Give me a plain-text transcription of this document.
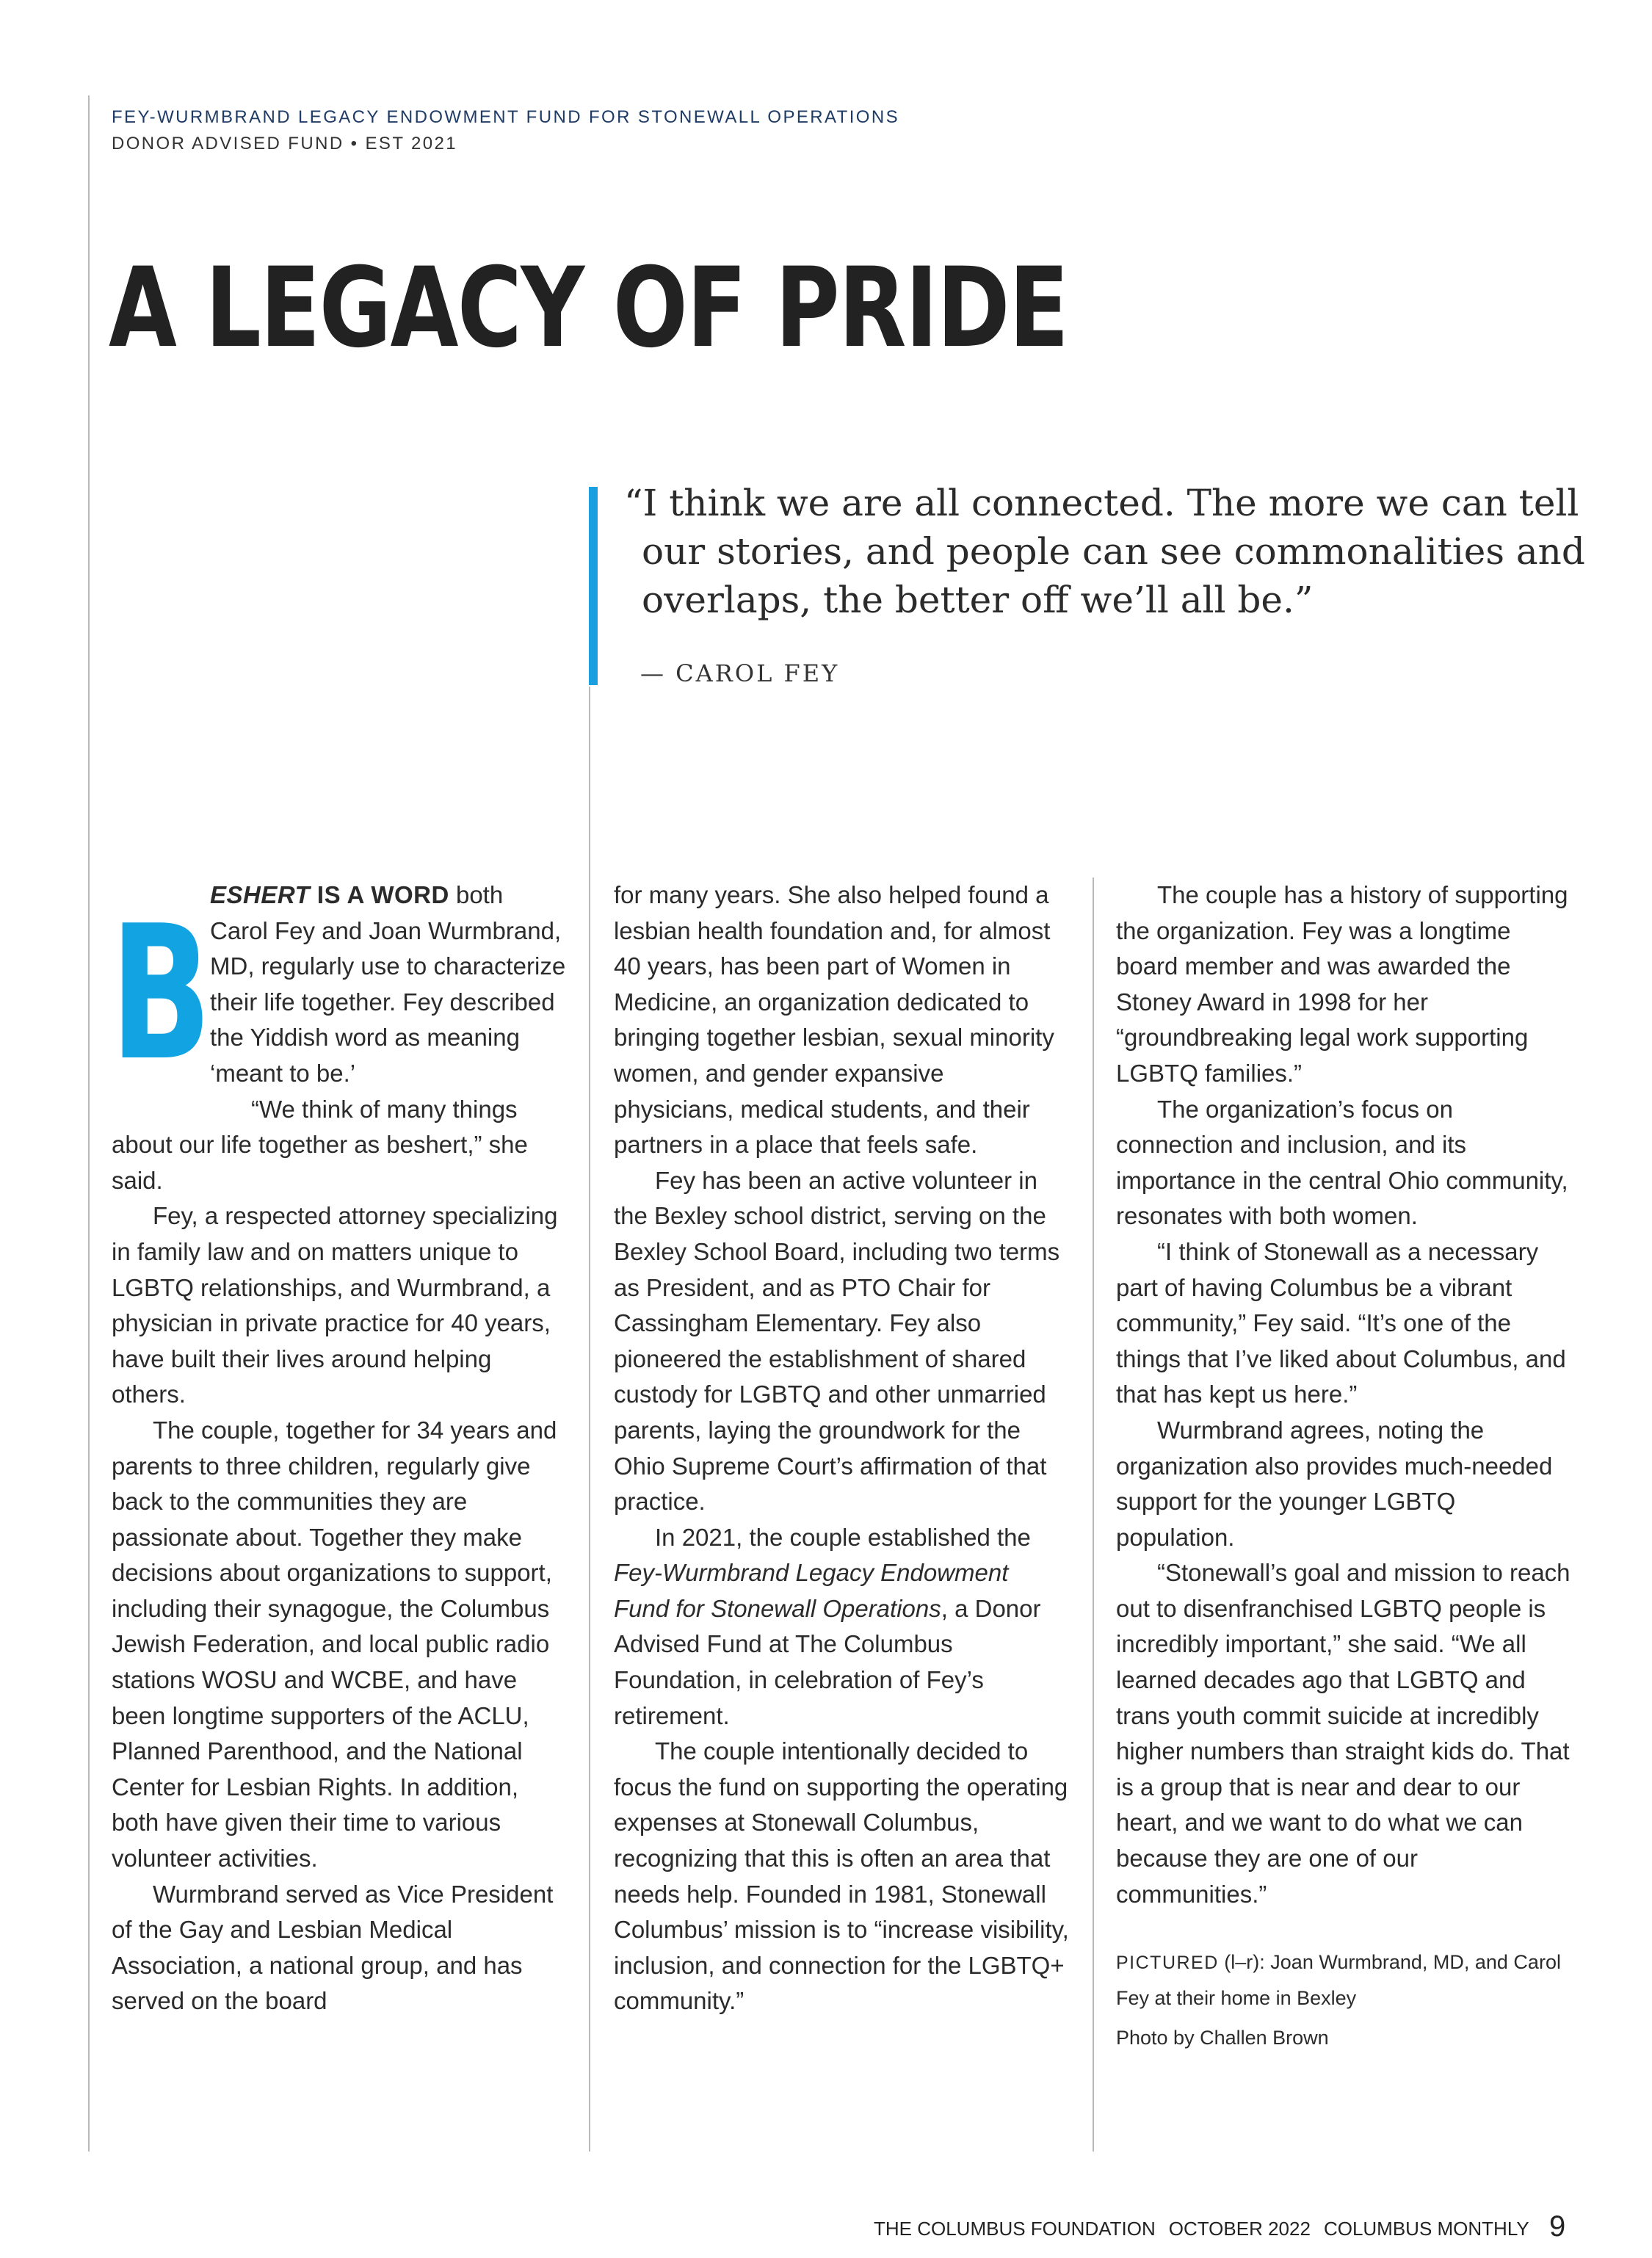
FEY-WURMBRAND LEGACY ENDOWMENT FUND FOR STONEWALL OPERATIONS
DONOR ADVISED FUND • EST 2021
A LEGACY OF PRIDE

“I think we are all connected. The more we can tell our stories, and people can see commonalities and overlaps, the better off we’ll all be.”

— CAROL FEY

B
ESHERT IS A WORD both Carol Fey and Joan Wurmbrand, MD, regularly use to characterize their life together. Fey described the Yiddish word as meaning ‘meant to be.’

“We think of many things about our life together as beshert,” she said.

Fey, a respected attorney specializing in family law and on matters unique to LGBTQ relationships, and Wurmbrand, a physician in private practice for 40 years, have built their lives around helping others.

The couple, together for 34 years and parents to three children, regularly give back to the communities they are passionate about. Together they make decisions about organizations to support, including their synagogue, the Columbus Jewish Federation, and local public radio stations WOSU and WCBE, and have been longtime supporters of the ACLU, Planned Parenthood, and the National Center for Lesbian Rights. In addition, both have given their time to various volunteer activities.

Wurmbrand served as Vice President of the Gay and Lesbian Medical Association, a national group, and has served on the board

for many years. She also helped found a lesbian health foundation and, for almost 40 years, has been part of Women in Medicine, an organization dedicated to bringing together lesbian, sexual minority women, and gender expansive physicians, medical students, and their partners in a place that feels safe.

Fey has been an active volunteer in the Bexley school district, serving on the Bexley School Board, including two terms as President, and as PTO Chair for Cassingham Elementary. Fey also pioneered the establishment of shared custody for LGBTQ and other unmarried parents, laying the groundwork for the Ohio Supreme Court’s affirmation of that practice.

In 2021, the couple established the Fey-Wurmbrand Legacy Endowment Fund for Stonewall Operations, a Donor Advised Fund at The Columbus Foundation, in celebration of Fey’s retirement.

The couple intentionally decided to focus the fund on supporting the operating expenses at Stonewall Columbus, recognizing that this is often an area that needs help. Founded in 1981, Stonewall Columbus’ mission is to “increase visibility, inclusion, and connection for the LGBTQ+ community.”

The couple has a history of supporting the organization. Fey was a longtime board member and was awarded the Stoney Award in 1998 for her “groundbreaking legal work supporting LGBTQ families.”

The organization’s focus on connection and inclusion, and its importance in the central Ohio community, resonates with both women.

“I think of Stonewall as a necessary part of having Columbus be a vibrant community,” Fey said. “It’s one of the things that I’ve liked about Columbus, and that has kept us here.”

Wurmbrand agrees, noting the organization also provides much-needed support for the younger LGBTQ population.

“Stonewall’s goal and mission to reach out to disenfranchised LGBTQ people is incredibly important,” she said. “We all learned decades ago that LGBTQ and trans youth commit suicide at incredibly higher numbers than straight kids do. That is a group that is near and dear to our heart, and we want to do what we can because they are one of our communities.”

PICTURED (l–r): Joan Wurmbrand, MD, and Carol Fey at their home in Bexley
Photo by Challen Brown
THE COLUMBUS FOUNDATION OCTOBER 2022 COLUMBUS MONTHLY 9
